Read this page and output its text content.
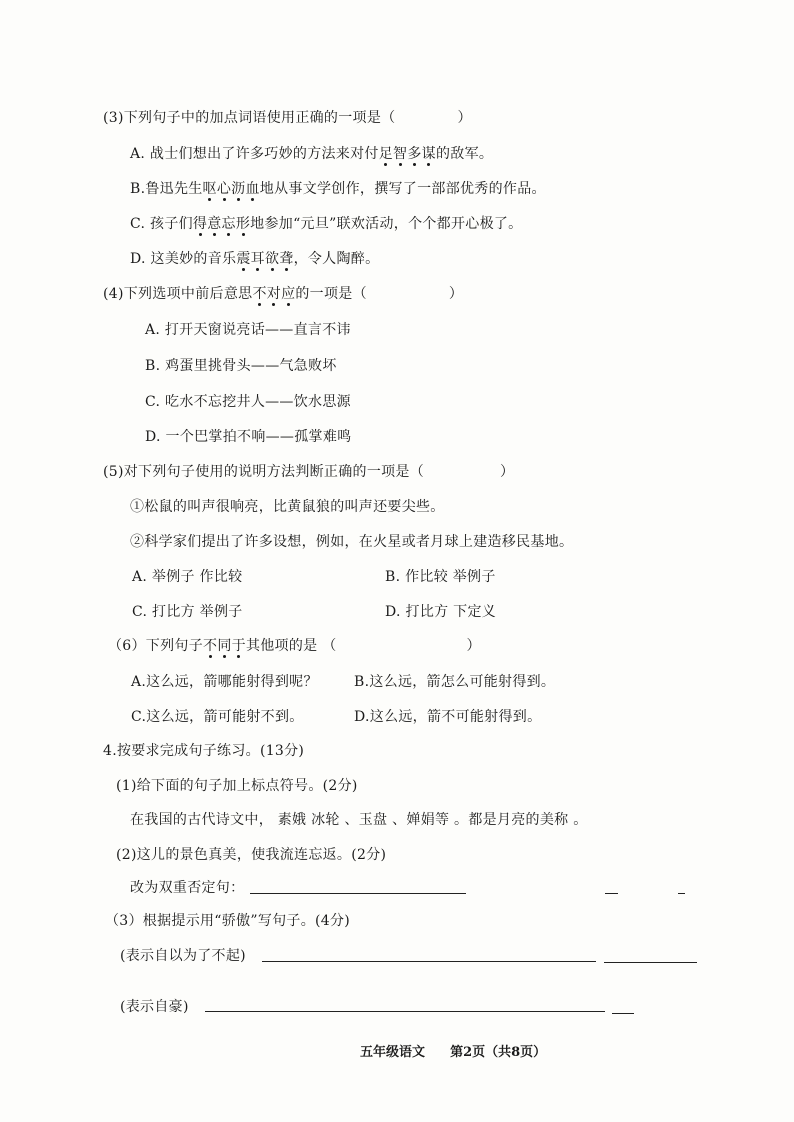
(3)下列句子中的加点词语使用正确的一项是（	）
A. 战士们想出了许多巧妙的方法来对付足智多谋的敌军。
B.鲁迅先生呕心沥血地从事文学创作，撰写了一部部优秀的作品。
C. 孩子们得意忘形地参加“元旦”联欢活动，个个都开心极了。
D. 这美妙的音乐震耳欲聋，令人陶醉。
(4)下列选项中前后意思不对应的一项是（	）
A. 打开天窗说亮话——直言不讳
B. 鸡蛋里挑骨头——气急败坏
C. 吃水不忘挖井人——饮水思源
D. 一个巴掌拍不响——孤掌难鸣
(5)对下列句子使用的说明方法判断正确的一项是（	）
①松鼠的叫声很响亮，比黄鼠狼的叫声还要尖些。
②科学家们提出了许多设想，例如，在火星或者月球上建造移民基地。
A. 举例子 作比较	B. 作比较 举例子
C. 打比方 举例子	D. 打比方 下定义
（6）下列句子不同于其他项的是 （	）
A.这么远，箭哪能射得到呢？	B.这么远，箭怎么可能射得到。
C.这么远，箭可能射不到。	D.这么远，箭不可能射得到。
4.按要求完成句子练习。(13分)
(1)给下面的句子加上标点符号。(2分)
在我国的古代诗文中， 素娥 冰轮 、玉盘 、婵娟等 。都是月亮的美称 。
(2)这儿的景色真美，使我流连忘返。(2分)
改为双重否定句：
（3）根据提示用“骄傲”写句子。(4分)
(表示自以为了不起)
(表示自豪)
五年级语文 第2页（共8页）
